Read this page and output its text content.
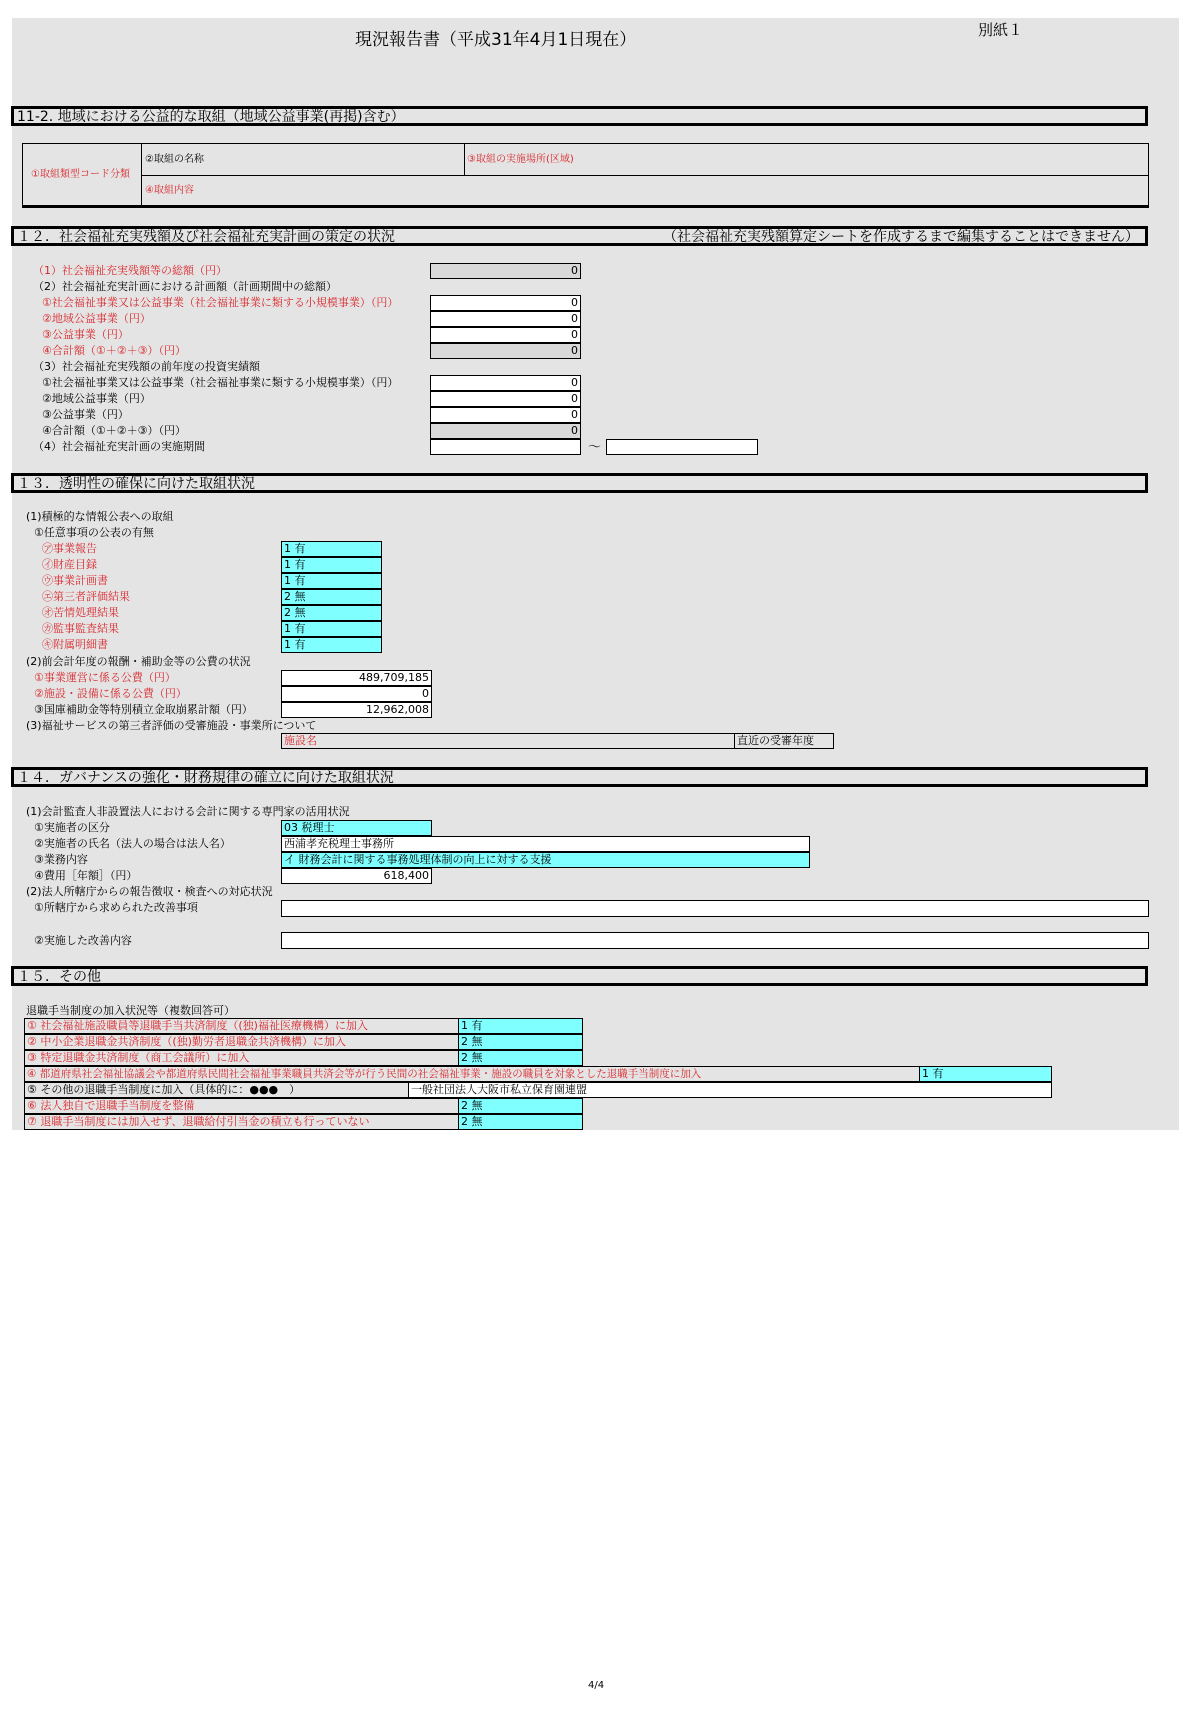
現況報告書（平成31年4月1日現在）	別紙１
11-2. 地域における公益的な取組（地域公益事業(再掲)含む）
①取組類型コード分類
②取組の名称	③取組の実施場所(区域)
④取組内容
１２．社会福祉充実残額及び社会福祉充実計画の策定の状況	（社会福祉充実残額算定シートを作成するまで編集することはできません）
（1）社会福祉充実残額等の総額（円）	0
（2）社会福祉充実計画における計画額（計画期間中の総額）
①社会福祉事業又は公益事業（社会福祉事業に類する小規模事業）（円）	0
②地域公益事業（円）	0
③公益事業（円）	0
④合計額（①＋②＋③）（円）	0
（3）社会福祉充実残額の前年度の投資実績額
①社会福祉事業又は公益事業（社会福祉事業に類する小規模事業）（円）	0
②地域公益事業（円）	0
③公益事業（円）	0
④合計額（①＋②＋③）（円）	0
（4）社会福祉充実計画の実施期間	～
１３．透明性の確保に向けた取組状況
(1)積極的な情報公表への取組
①任意事項の公表の有無
㋐事業報告	1 有
㋑財産目録	1 有
㋒事業計画書	1 有
㋓第三者評価結果	2 無
㋔苦情処理結果	2 無
㋕監事監査結果	1 有
㋖附属明細書	1 有
(2)前会計年度の報酬・補助金等の公費の状況
①事業運営に係る公費（円）	489,709,185
②施設・設備に係る公費（円）	0
③国庫補助金等特別積立金取崩累計額（円）	12,962,008
(3)福祉サービスの第三者評価の受審施設・事業所について
施設名	直近の受審年度
１４．ガバナンスの強化・財務規律の確立に向けた取組状況
(1)会計監査人非設置法人における会計に関する専門家の活用状況
①実施者の区分	03 税理士
②実施者の氏名（法人の場合は法人名）	西浦孝充税理士事務所
③業務内容	イ 財務会計に関する事務処理体制の向上に対する支援
④費用［年額］（円）	618,400
(2)法人所轄庁からの報告徴収・検査への対応状況
①所轄庁から求められた改善事項
②実施した改善内容
１５．その他
退職手当制度の加入状況等（複数回答可）
① 社会福祉施設職員等退職手当共済制度（(独)福祉医療機構）に加入	1 有
② 中小企業退職金共済制度（(独)勤労者退職金共済機構）に加入	2 無
③ 特定退職金共済制度（商工会議所）に加入	2 無
④ 都道府県社会福祉協議会や都道府県民間社会福祉事業職員共済会等が行う民間の社会福祉事業・施設の職員を対象とした退職手当制度に加入	1 有
⑤ その他の退職手当制度に加入（具体的に：●●●　）	一般社団法人大阪市私立保育園連盟
⑥ 法人独自で退職手当制度を整備	2 無
⑦ 退職手当制度には加入せず、退職給付引当金の積立も行っていない	2 無
4/4
